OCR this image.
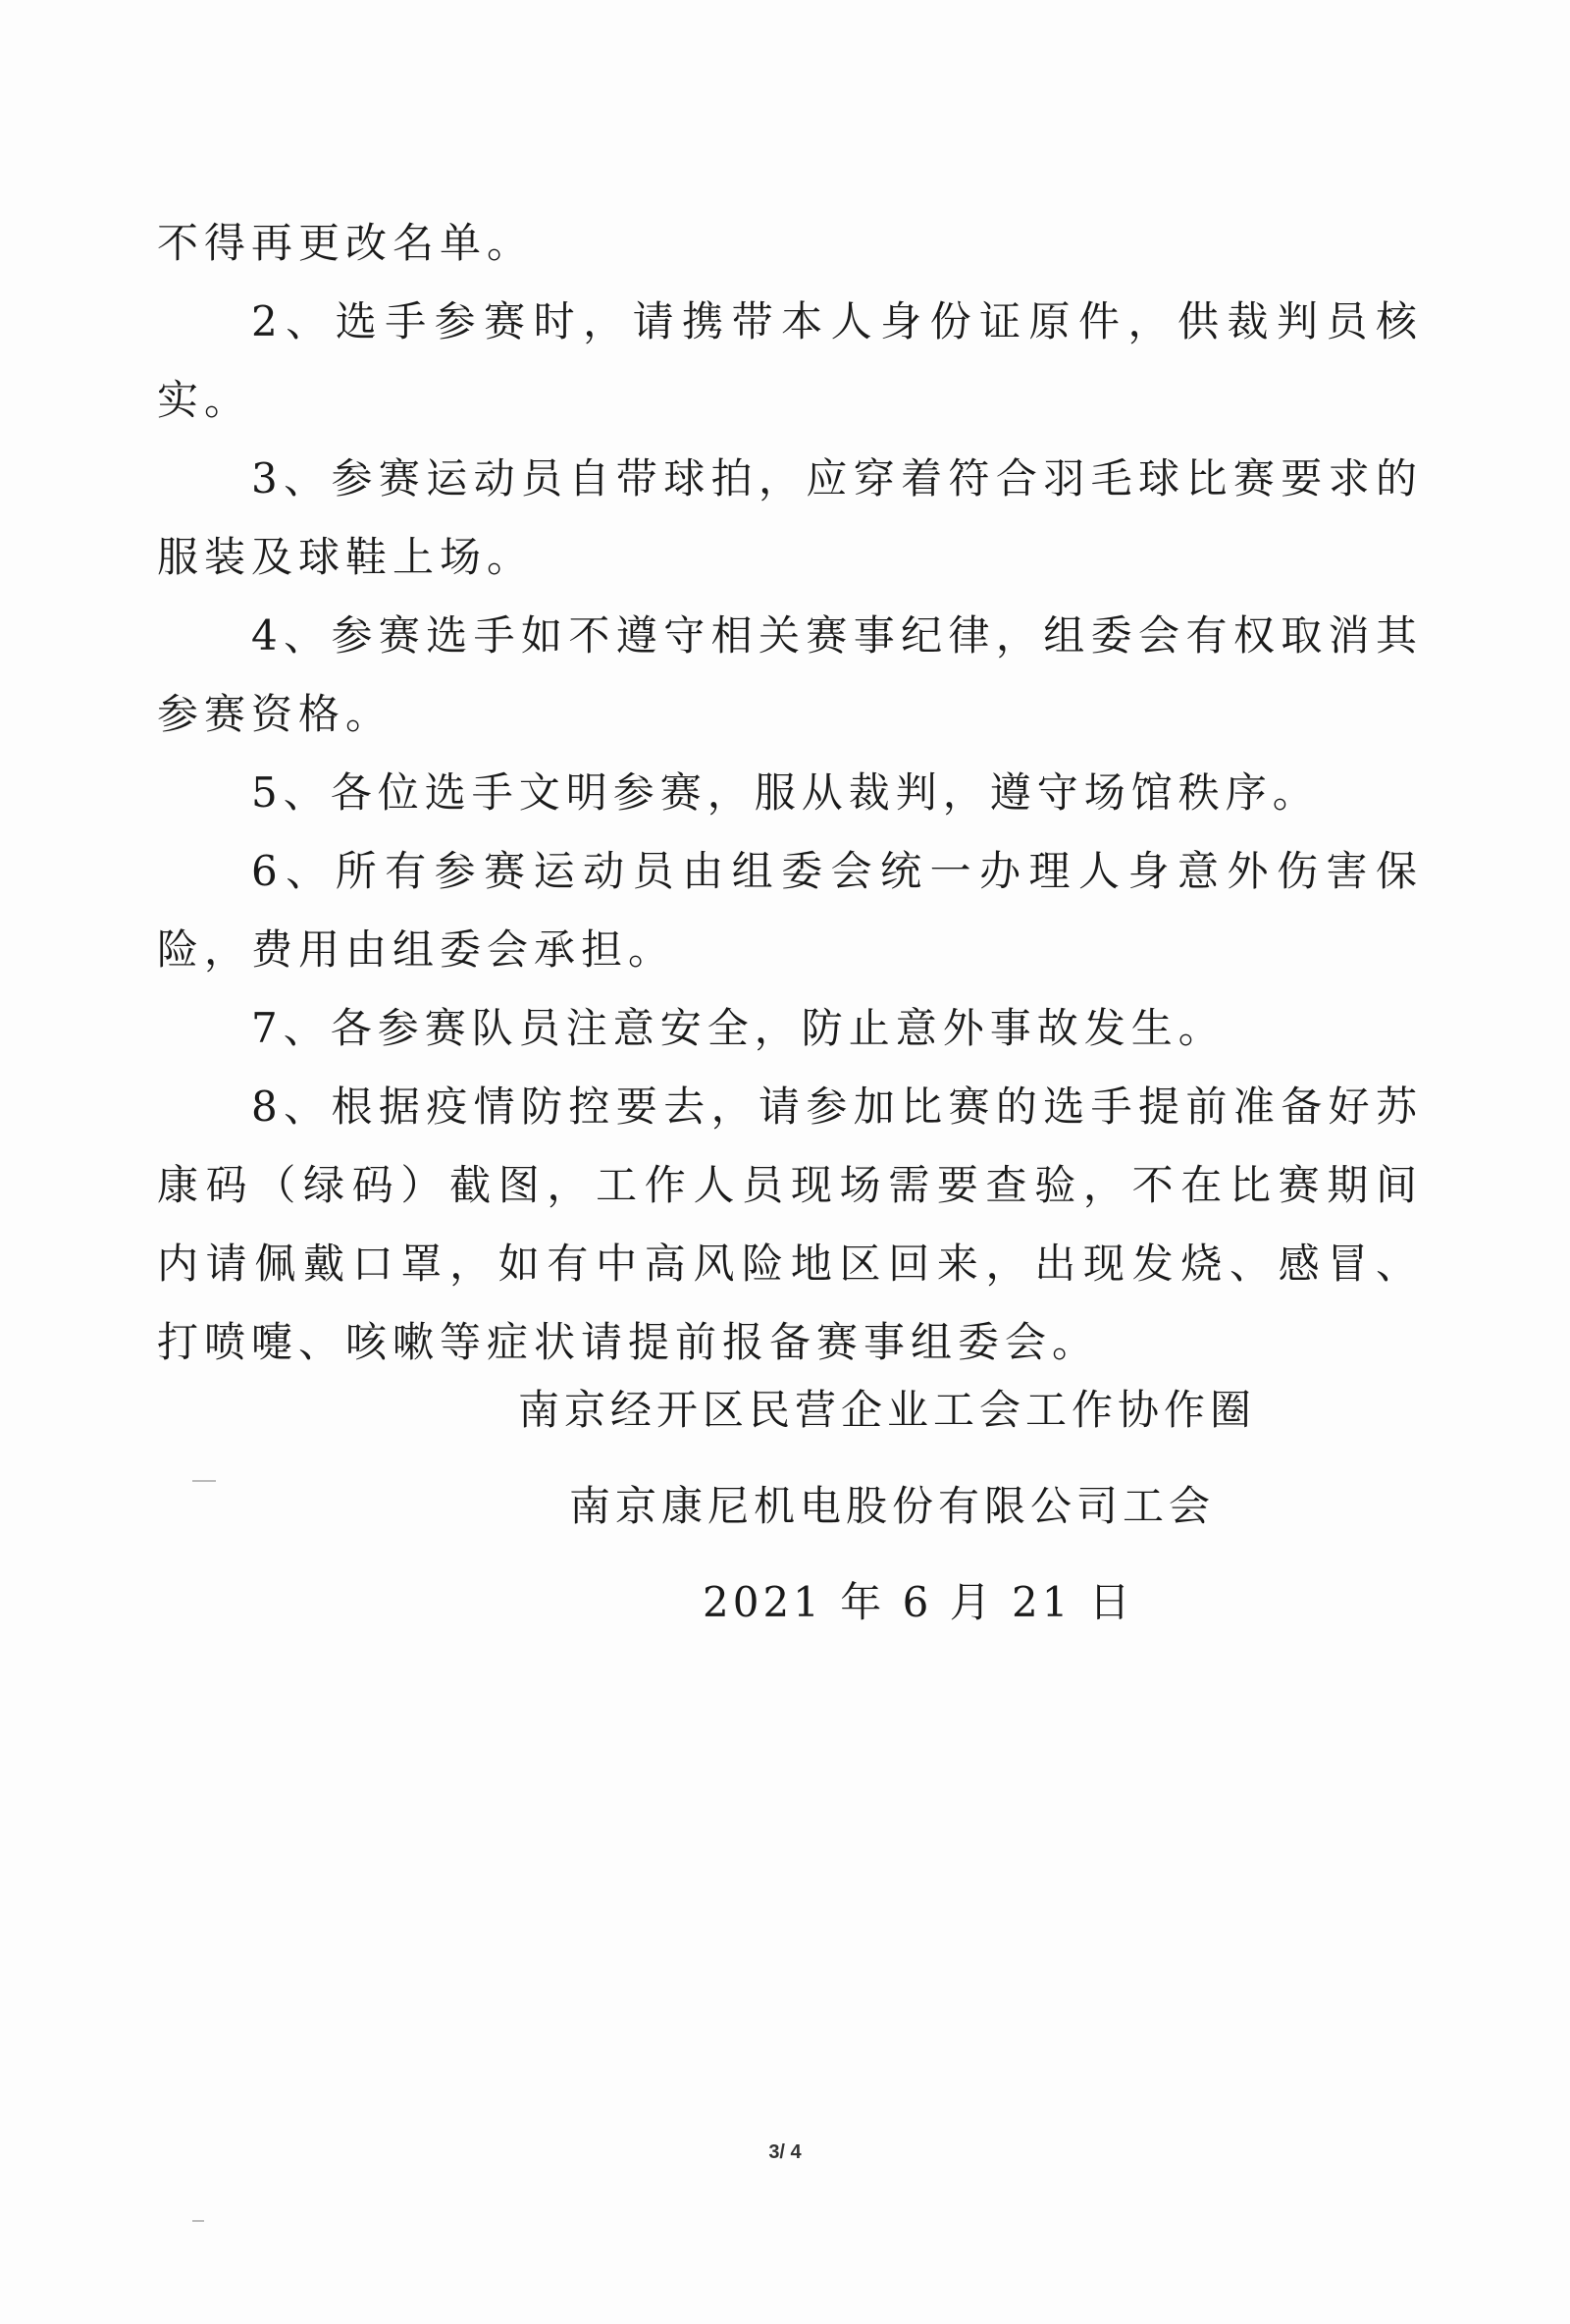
不得再更改名单。

2、选手参赛时，请携带本人身份证原件，供裁判员核实。

3、参赛运动员自带球拍，应穿着符合羽毛球比赛要求的服装及球鞋上场。

4、参赛选手如不遵守相关赛事纪律，组委会有权取消其参赛资格。

5、各位选手文明参赛，服从裁判，遵守场馆秩序。

6、所有参赛运动员由组委会统一办理人身意外伤害保险，费用由组委会承担。

7、各参赛队员注意安全，防止意外事故发生。

8、根据疫情防控要去，请参加比赛的选手提前准备好苏康码（绿码）截图，工作人员现场需要查验，不在比赛期间内请佩戴口罩，如有中高风险地区回来，出现发烧、感冒、打喷嚏、咳嗽等症状请提前报备赛事组委会。

南京经开区民营企业工会工作协作圈
南京康尼机电股份有限公司工会
2021 年 6 月 21 日
3/ 4
